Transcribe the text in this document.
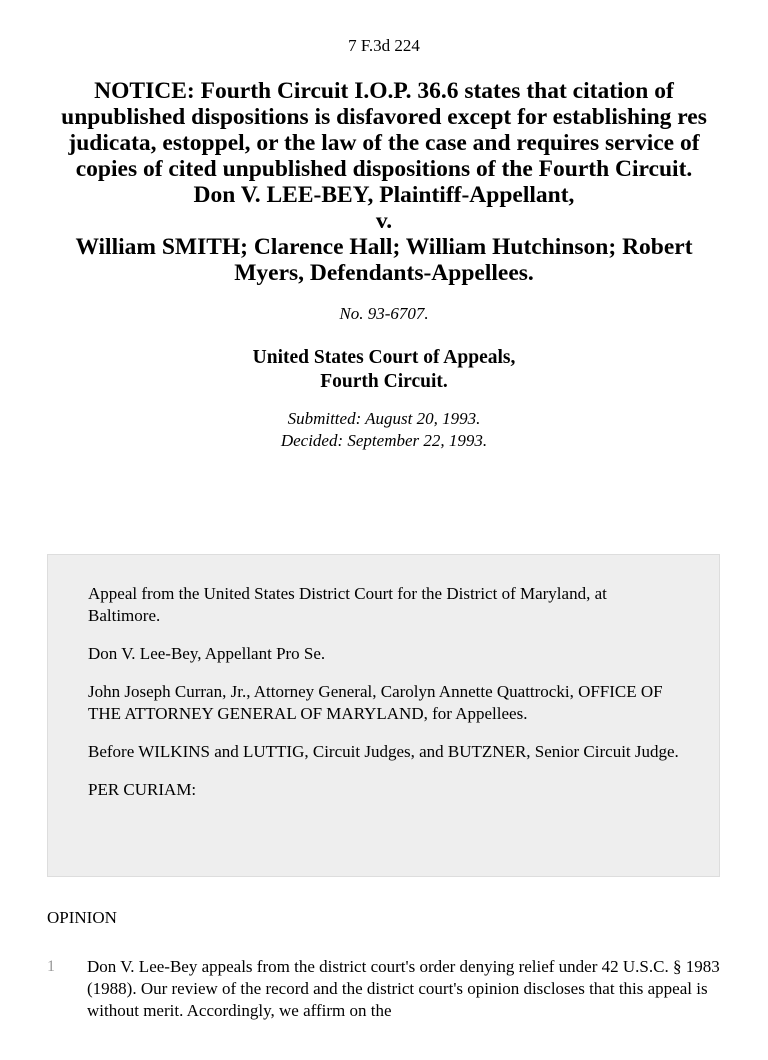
7 F.3d 224
NOTICE: Fourth Circuit I.O.P. 36.6 states that citation of unpublished dispositions is disfavored except for establishing res judicata, estoppel, or the law of the case and requires service of copies of cited unpublished dispositions of the Fourth Circuit.
Don V. LEE-BEY, Plaintiff-Appellant,
v.
William SMITH; Clarence Hall; William Hutchinson; Robert Myers, Defendants-Appellees.
No. 93-6707.
United States Court of Appeals,
Fourth Circuit.
Submitted: August 20, 1993.
Decided: September 22, 1993.

Appeal from the United States District Court for the District of Maryland, at Baltimore.

Don V. Lee-Bey, Appellant Pro Se.

John Joseph Curran, Jr., Attorney General, Carolyn Annette Quattrocki, OFFICE OF THE ATTORNEY GENERAL OF MARYLAND, for Appellees.

Before WILKINS and LUTTIG, Circuit Judges, and BUTZNER, Senior Circuit Judge.

PER CURIAM:

OPINION
1 Don V. Lee-Bey appeals from the district court's order denying relief under 42 U.S.C. § 1983 (1988). Our review of the record and the district court's opinion discloses that this appeal is without merit. Accordingly, we affirm on the
